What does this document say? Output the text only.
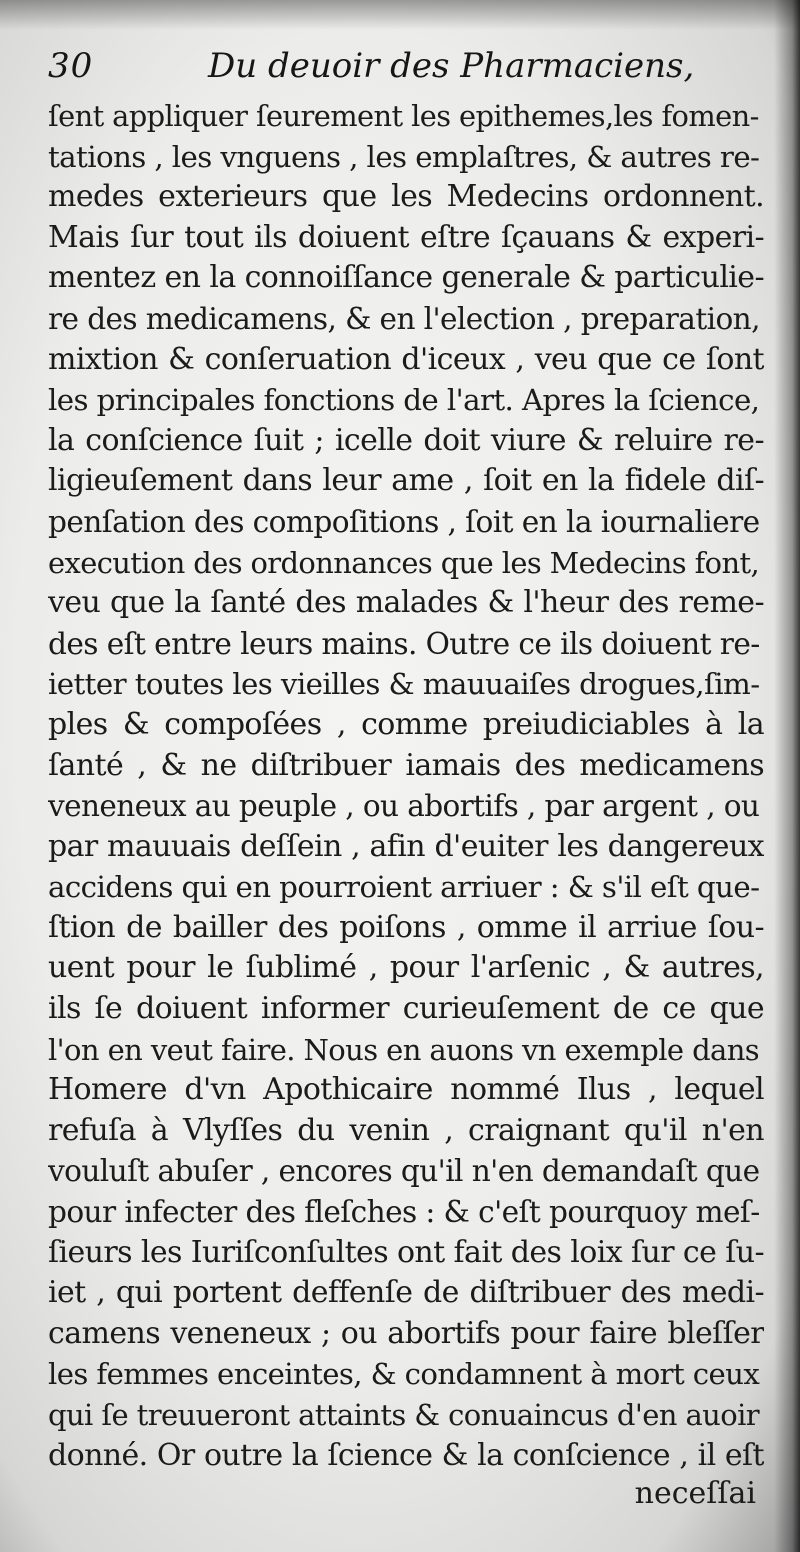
30	Du deuoir des Pharmaciens,
ſent appliquer ſeurement les epithemes,les fomen-
tations , les vnguens , les emplaſtres, & autres re-
medes exterieurs que les Medecins ordonnent.
Mais ſur tout ils doiuent eſtre ſçauans & experi-
mentez en la connoiſſance generale & particulie-
re des medicamens, & en l'election , preparation,
mixtion & conſeruation d'iceux , veu que ce ſont
les principales fonctions de l'art. Apres la ſcience,
la conſcience ſuit ; icelle doit viure & reluire re-
ligieuſement dans leur ame , ſoit en la fidele diſ-
penſation des compoſitions , ſoit en la iournaliere
execution des ordonnances que les Medecins font,
veu que la ſanté des malades & l'heur des reme-
des eſt entre leurs mains. Outre ce ils doiuent re-
ietter toutes les vieilles & mauuaiſes drogues,ſim-
ples & compoſées , comme preiudiciables à la
ſanté , & ne diſtribuer iamais des medicamens
veneneux au peuple , ou abortifs , par argent , ou
par mauuais deſſein , afin d'euiter les dangereux
accidens qui en pourroient arriuer : & s'il eſt que-
ſtion de bailler des poiſons , omme il arriue ſou-
uent pour le ſublimé , pour l'arſenic , & autres,
ils ſe doiuent informer curieuſement de ce que
l'on en veut faire. Nous en auons vn exemple dans
Homere d'vn Apothicaire nommé Ilus , lequel
refuſa à Vlyſſes du venin , craignant qu'il n'en
vouluſt abuſer , encores qu'il n'en demandaſt que
pour infecter des fleſches : & c'eſt pourquoy meſ-
ſieurs les Iuriſconſultes ont fait des loix ſur ce ſu-
iet , qui portent deffenſe de diſtribuer des medi-
camens veneneux ; ou abortifs pour faire bleſſer
les femmes enceintes, & condamnent à mort ceux
qui ſe treuueront attaints & conuaincus d'en auoir
donné. Or outre la ſcience & la conſcience , il eſt
neceſſai
